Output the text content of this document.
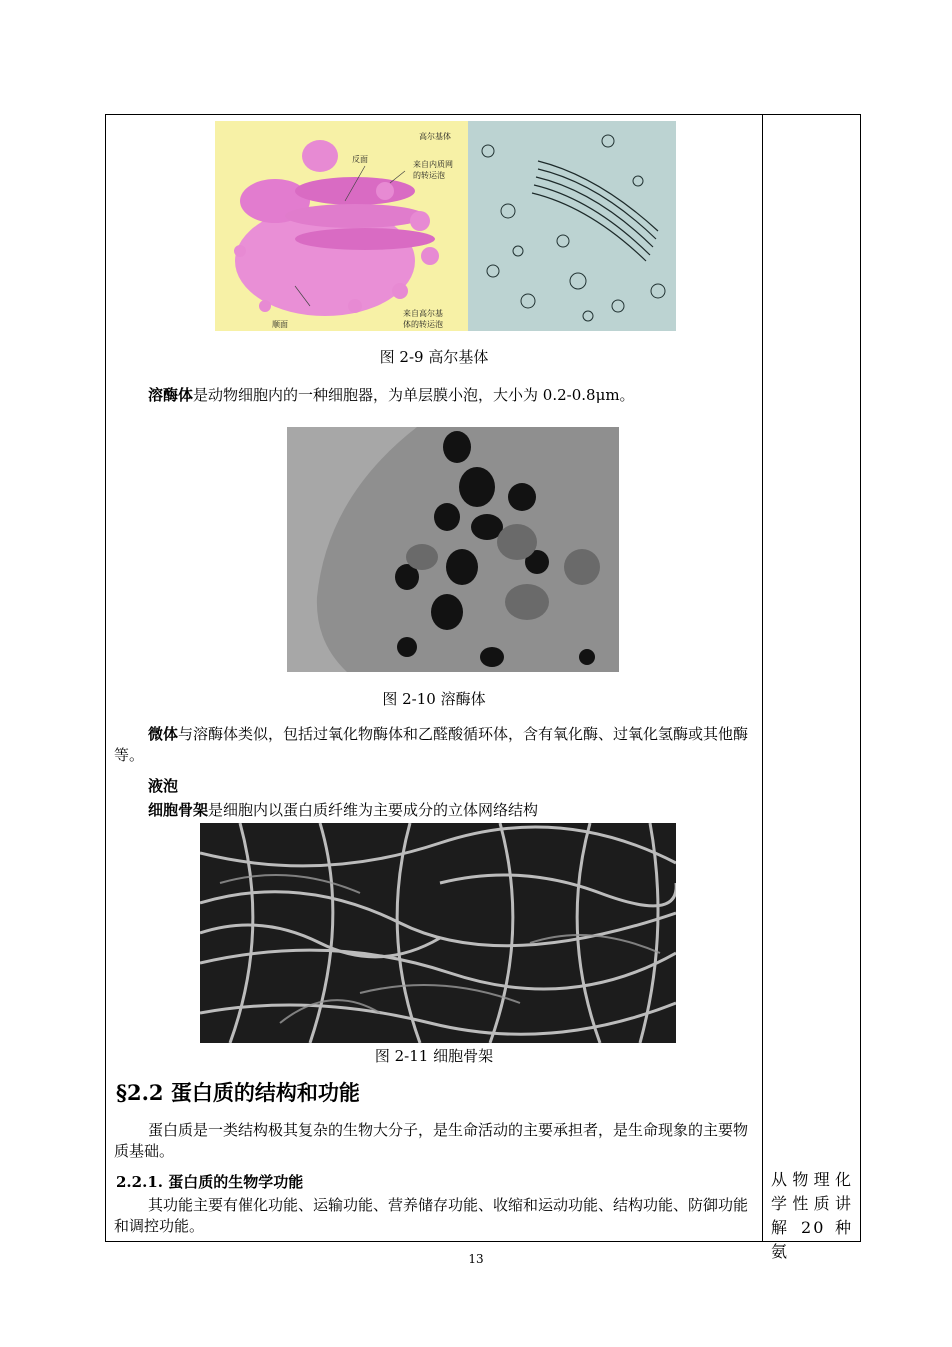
反面
来自内质网
的转运泡
顺面
来自高尔基
体的转运泡
高尔基体
图 2-9 高尔基体
溶酶体是动物细胞内的一种细胞器，为单层膜小泡，大小为 0.2-0.8μm。
图 2-10 溶酶体
微体与溶酶体类似，包括过氧化物酶体和乙醛酸循环体，含有氧化酶、过氧化氢酶或其他酶等。
液泡
细胞骨架是细胞内以蛋白质纤维为主要成分的立体网络结构
图 2-11 细胞骨架
§2.2 蛋白质的结构和功能
蛋白质是一类结构极其复杂的生物大分子，是生命活动的主要承担者，是生命现象的主要物质基础。
2.2.1. 蛋白质的生物学功能
其功能主要有催化功能、运输功能、营养储存功能、收缩和运动功能、结构功能、防御功能和调控功能。
从物理化学性质讲解 20 种氨
13
